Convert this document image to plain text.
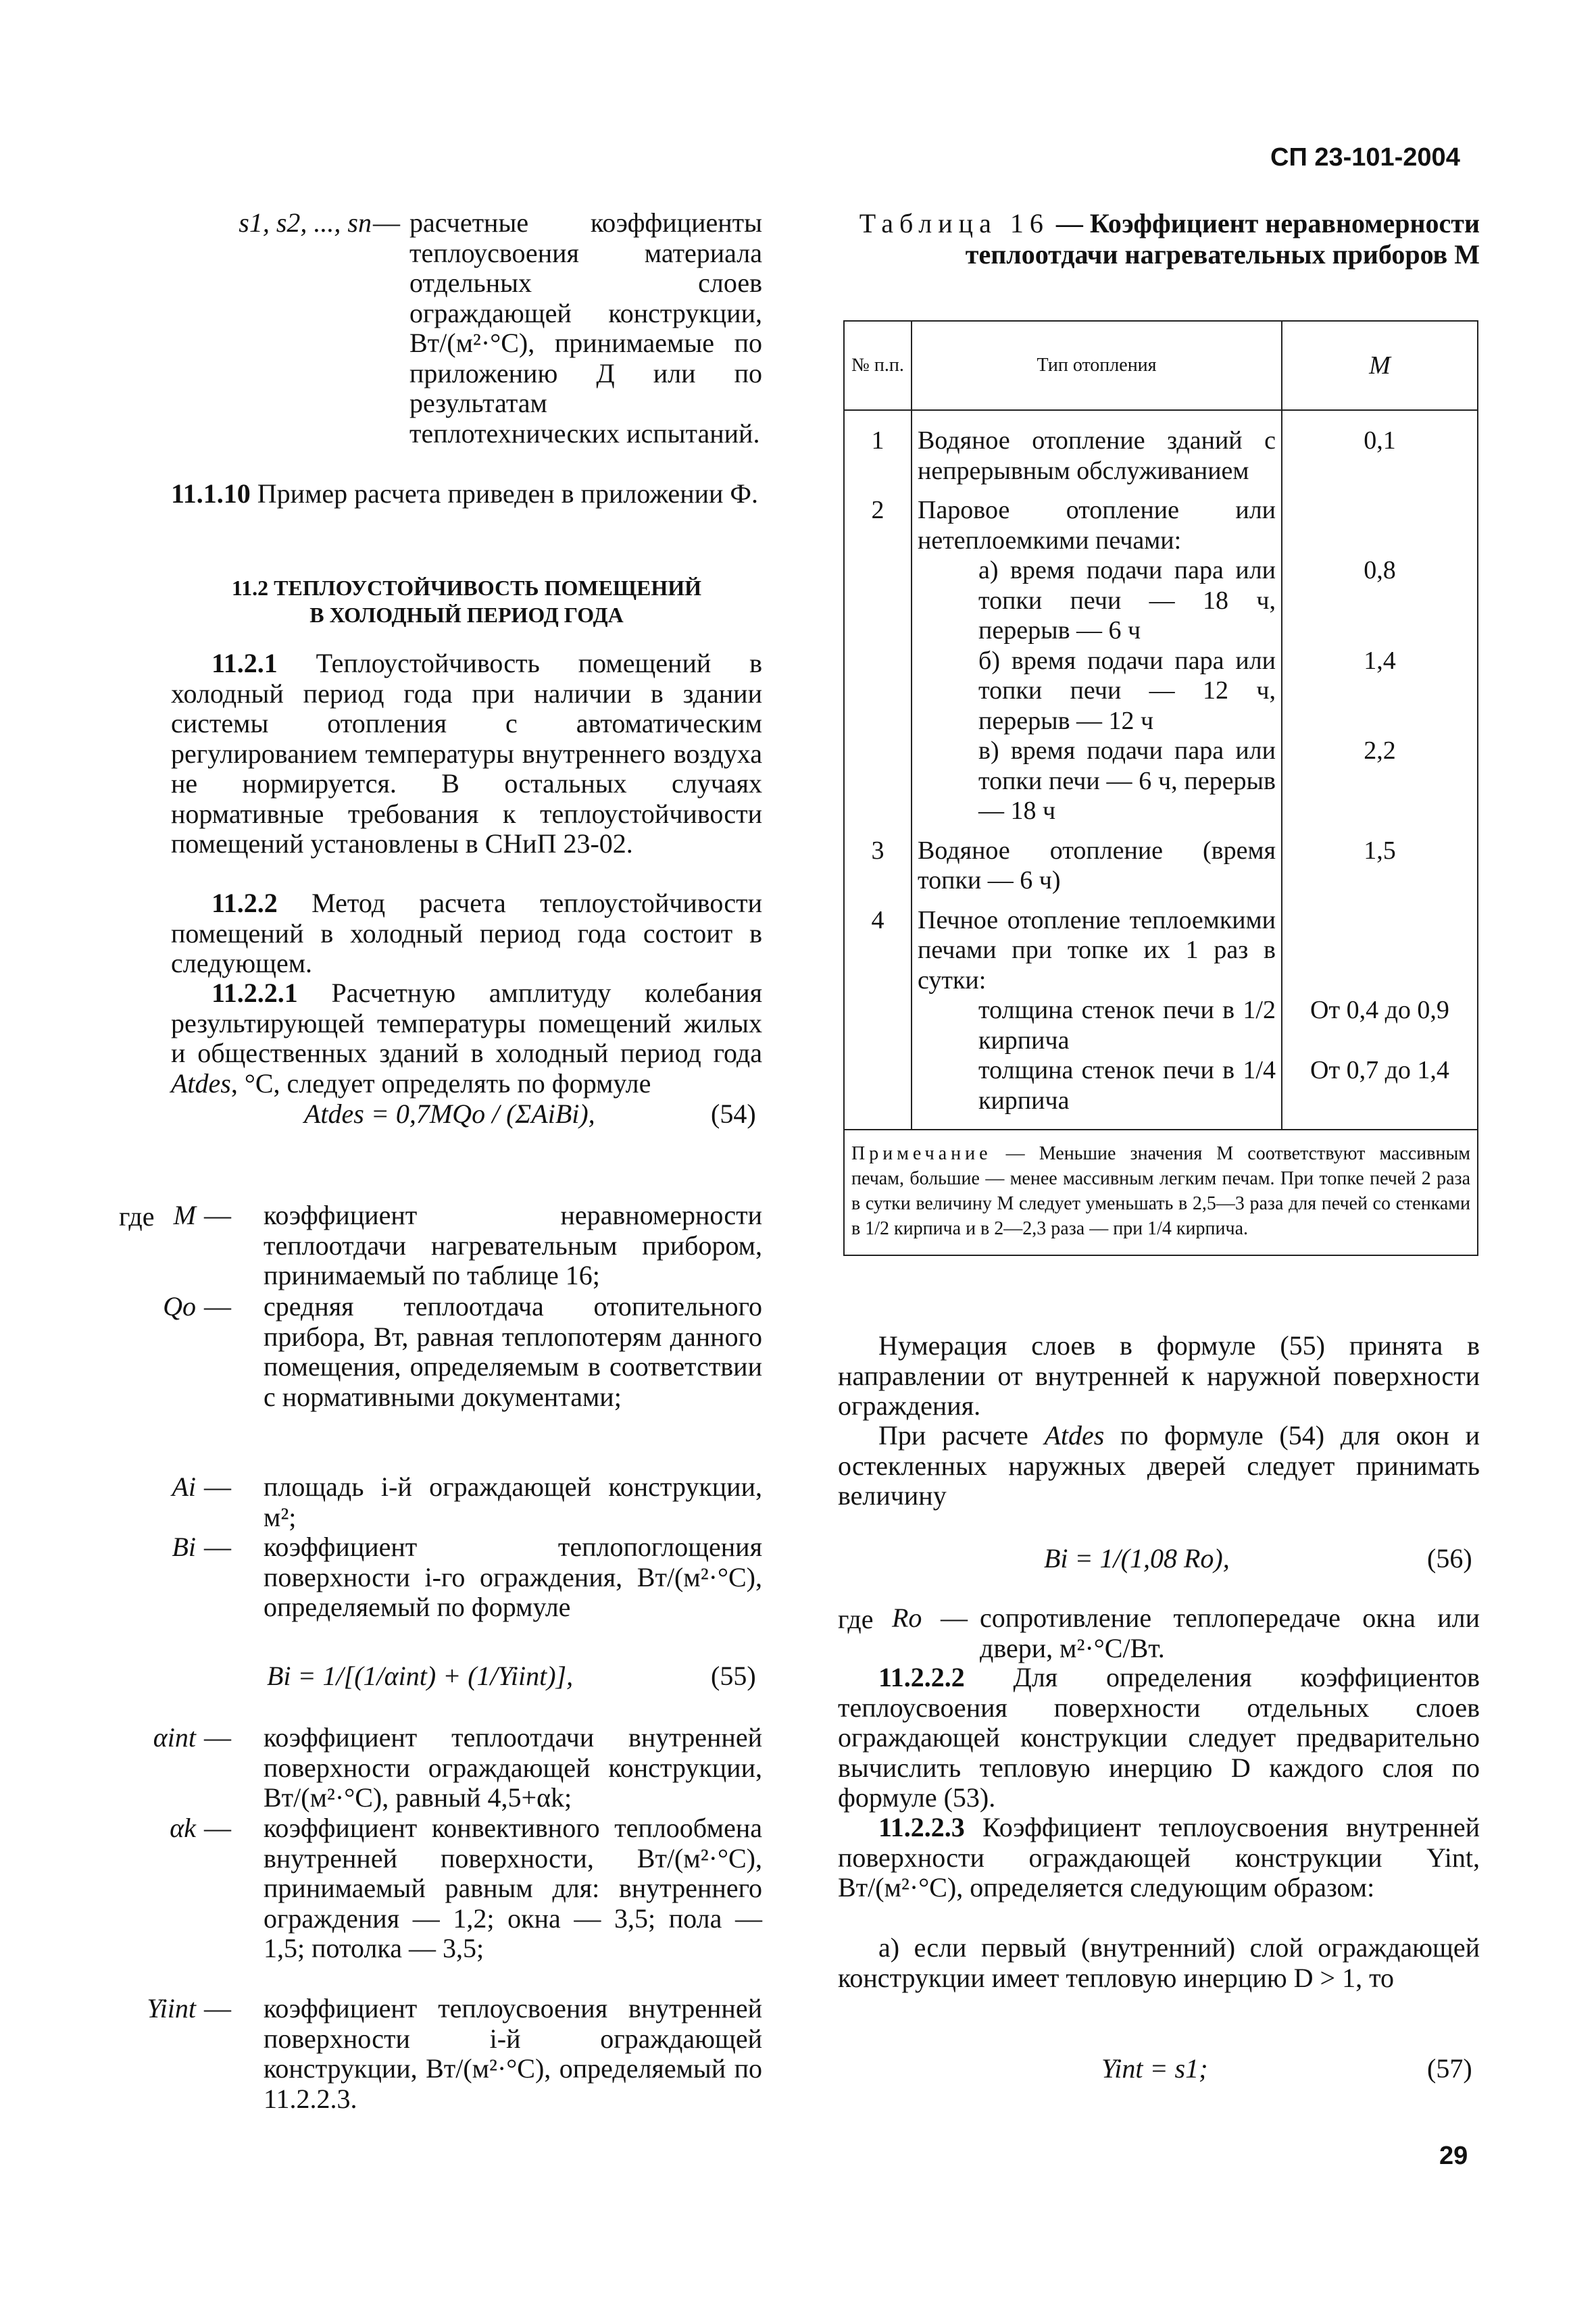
СП 23-101-2004
s1, s2, ..., sn — расчетные коэффициенты теплоусвоения материала отдельных слоев ограждающей конструкции, Вт/(м²·°С), принимаемые по приложению Д или по результатам теплотехнических испытаний.

11.1.10 Пример расчета приведен в приложении Ф.

11.2 ТЕПЛОУСТОЙЧИВОСТЬ ПОМЕЩЕНИЙ
В ХОЛОДНЫЙ ПЕРИОД ГОДА

11.2.1 Теплоустойчивость помещений в холодный период года при наличии в здании системы отопления с автоматическим регулированием температуры внутреннего воздуха не нормируется. В остальных случаях нормативные требования к теплоустойчивости помещений установлены в СНиП 23-02.

11.2.2 Метод расчета теплоустойчивости помещений в холодный период года состоит в следующем.

11.2.2.1 Расчетную амплитуду колебания результирующей температуры помещений жилых и общественных зданий в холодный период года Atdes, °С, следует определять по формуле

Atdes = 0,7MQo / (ΣAiBi),	(54)
где M — коэффициент неравномерности теплоотдачи нагревательным прибором, принимаемый по таблице 16;
Qo — средняя теплоотдача отопительного прибора, Вт, равная теплопотерям данного помещения, определяемым в соответствии с нормативными документами;
Ai — площадь i-й ограждающей конструкции, м²;
Bi — коэффициент теплопоглощения поверхности i-го ограждения, Вт/(м²·°С), определяемый по формуле
Bi = 1/[(1/αint) + (1/Yiint)],	(55)
αint — коэффициент теплоотдачи внутренней поверхности ограждающей конструкции, Вт/(м²·°С), равный 4,5+αk;
αk — коэффициент конвективного теплообмена внутренней поверхности, Вт/(м²·°С), принимаемый равным для: внутреннего ограждения — 1,2; окна — 3,5; пола — 1,5; потолка — 3,5;
Yiint — коэффициент теплоусвоения внутренней поверхности i-й ограждающей конструкции, Вт/(м²·°С), определяемый по 11.2.2.3.
Таблица 16 — Коэффициент неравномерности теплоотдачи нагревательных приборов M
№ п.п.	Тип отопления	M
1	Водяное отопление зданий с непрерывным обслуживанием	0,1
2	Паровое отопление или нетеплоемкими печами:	
	а) время подачи пара или топки печи — 18 ч, перерыв — 6 ч	0,8
	б) время подачи пара или топки печи — 12 ч, перерыв — 12 ч	1,4
	в) время подачи пара или топки печи — 6 ч, перерыв — 18 ч	2,2
3	Водяное отопление (время топки — 6 ч)	1,5
4	Печное отопление теплоемкими печами при топке их 1 раз в сутки:	
	толщина стенок печи в 1/2 кирпича	От 0,4 до 0,9
	толщина стенок печи в 1/4 кирпича	От 0,7 до 1,4
Примечание — Меньшие значения M соответствуют массивным печам, большие — менее массивным легким печам. При топке печей 2 раза в сутки величину M следует уменьшать в 2,5—3 раза для печей со стенками в 1/2 кирпича и в 2—2,3 раза — при 1/4 кирпича.		

Нумерация слоев в формуле (55) принята в направлении от внутренней к наружной поверхности ограждения.

При расчете Atdes по формуле (54) для окон и остекленных наружных дверей следует принимать величину

Bi = 1/(1,08 Ro),	(56)
где Ro — сопротивление теплопередаче окна или двери, м²·°С/Вт.

11.2.2.2 Для определения коэффициентов теплоусвоения поверхности отдельных слоев ограждающей конструкции следует предварительно вычислить тепловую инерцию D каждого слоя по формуле (53).

11.2.2.3 Коэффициент теплоусвоения внутренней поверхности ограждающей конструкции Yint, Вт/(м²·°С), определяется следующим образом:

а) если первый (внутренний) слой ограждающей конструкции имеет тепловую инерцию D > 1, то

Yint = s1;	(57)
29
